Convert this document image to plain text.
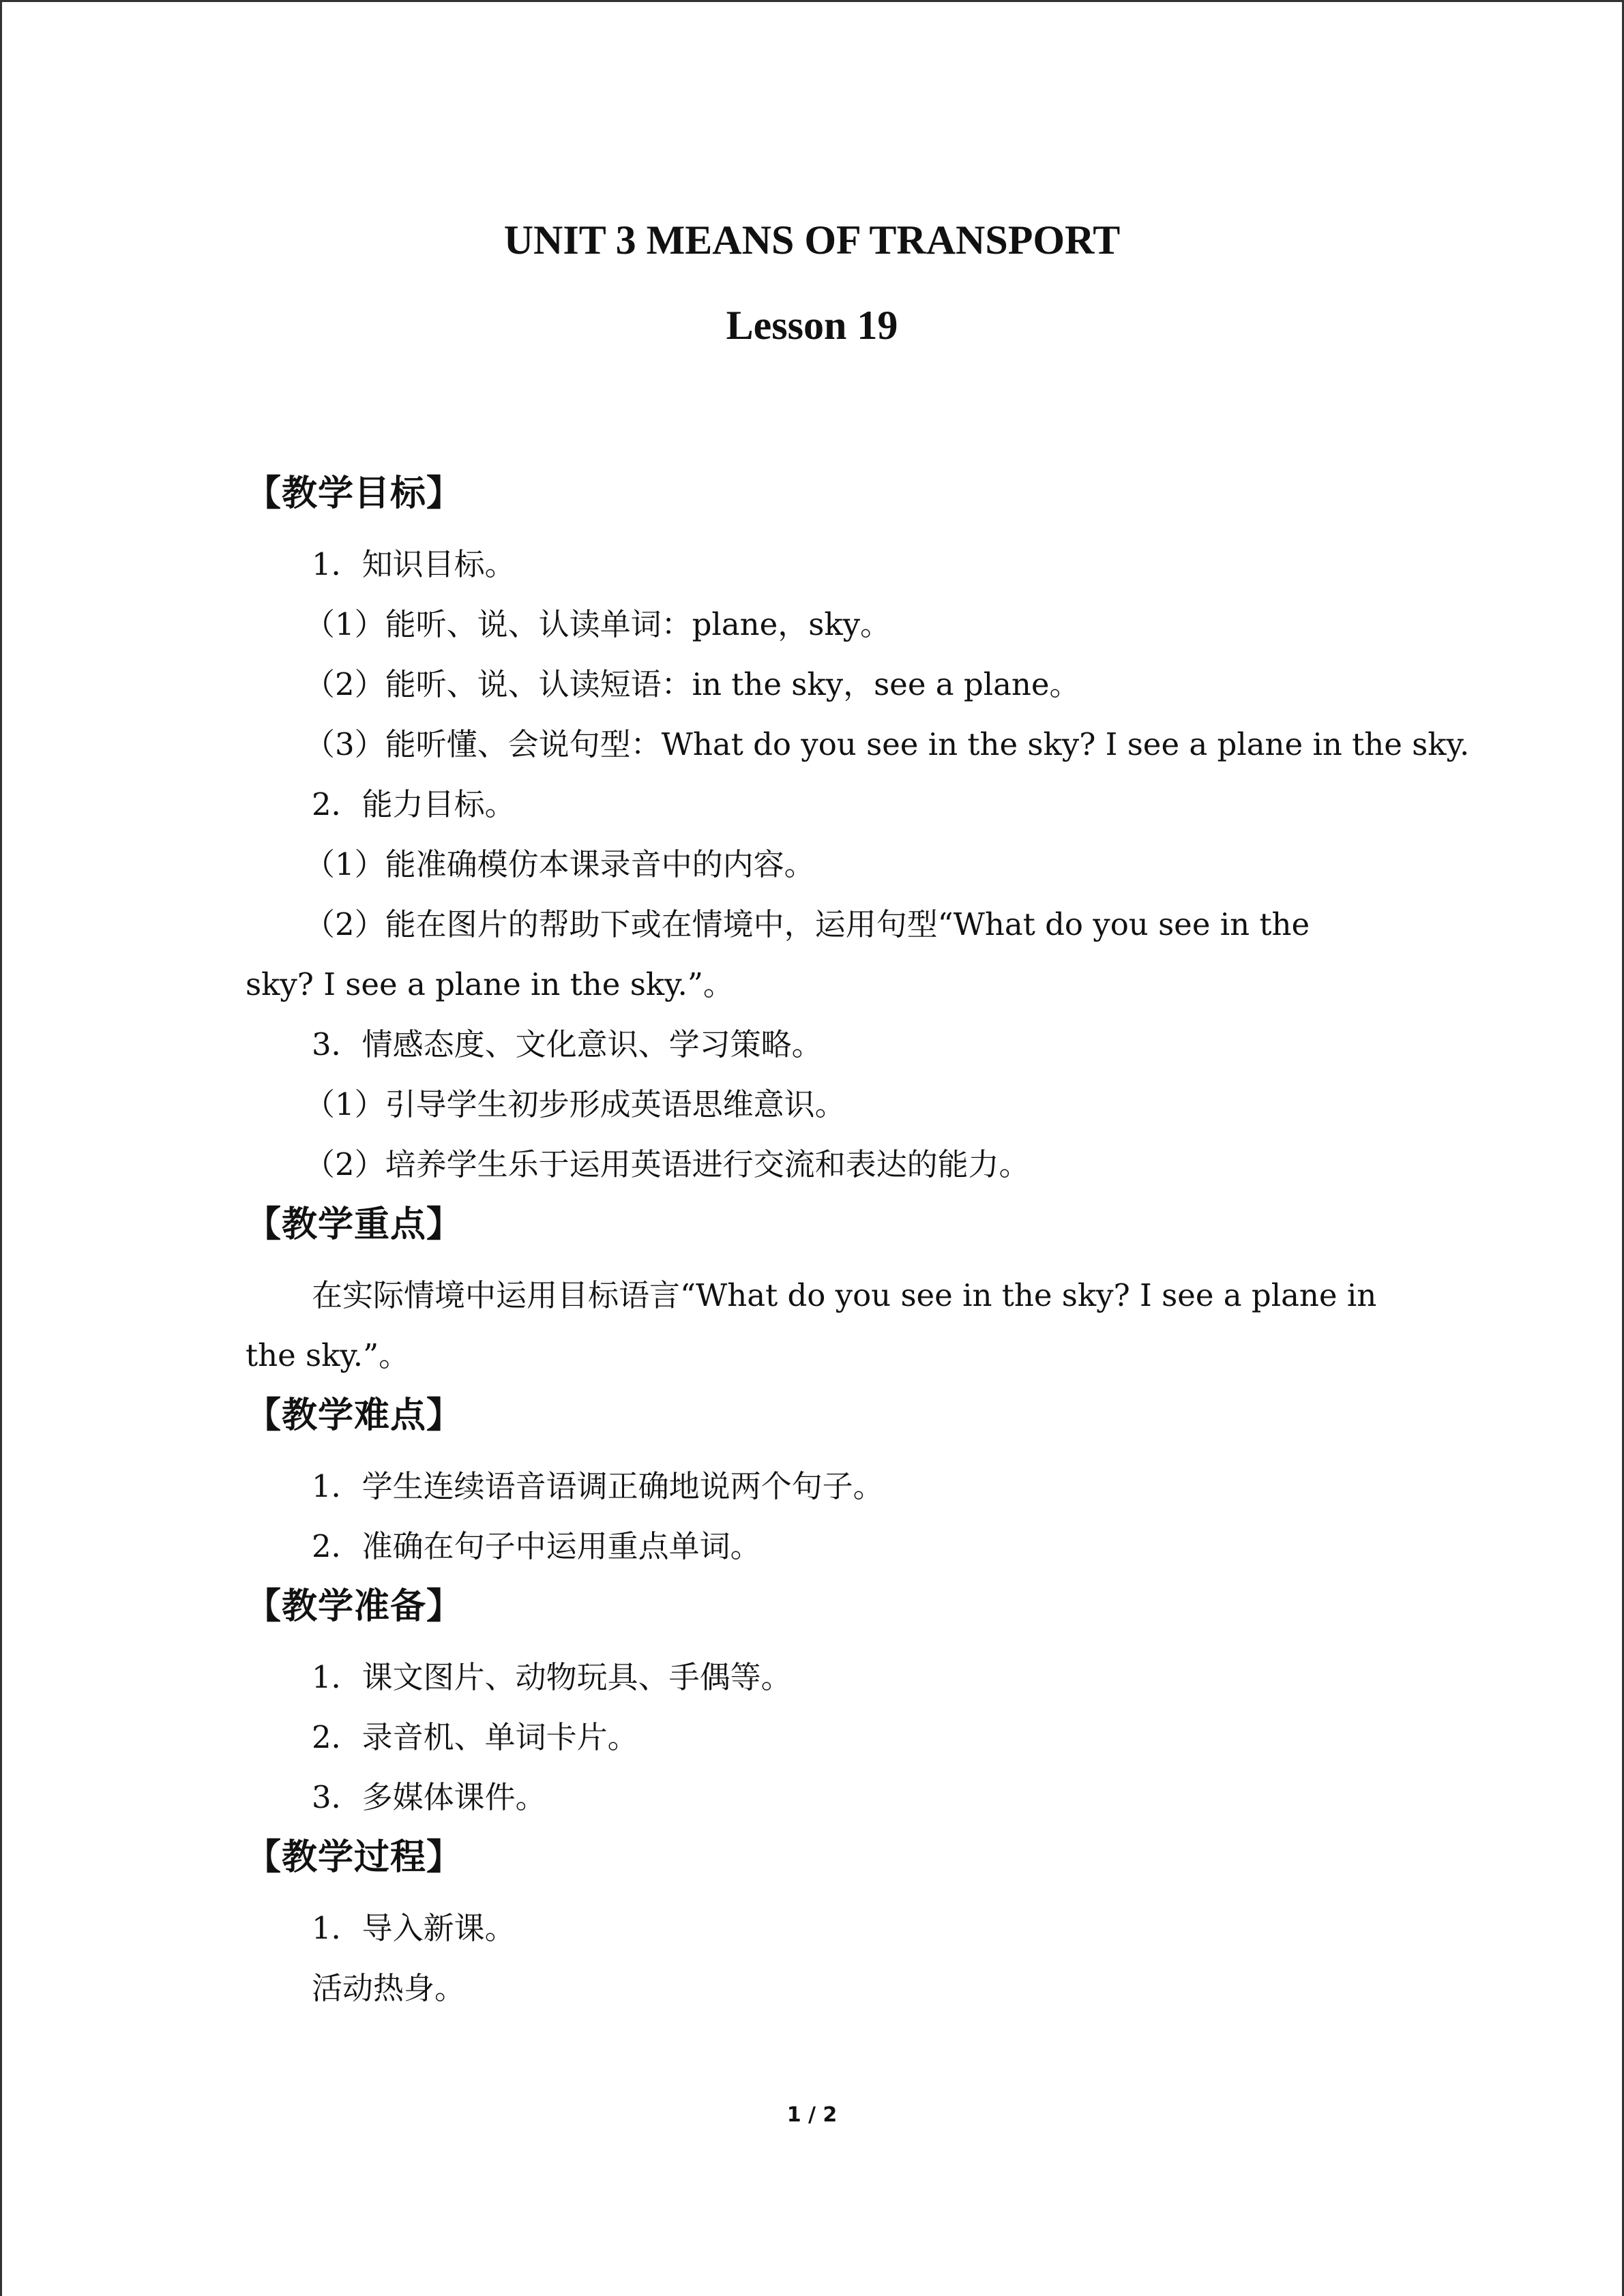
UNIT 3 MEANS OF TRANSPORT
Lesson 19

【教学目标】

1．知识目标。

（1）能听、说、认读单词：plane，sky。

（2）能听、说、认读短语：in the sky，see a plane。

（3）能听懂、会说句型：What do you see in the sky? I see a plane in the sky.

2．能力目标。

（1）能准确模仿本课录音中的内容。

（2）能在图片的帮助下或在情境中，运用句型“What do you see in the sky? I see a plane in the sky.”。

3．情感态度、文化意识、学习策略。

（1）引导学生初步形成英语思维意识。

（2）培养学生乐于运用英语进行交流和表达的能力。

【教学重点】

在实际情境中运用目标语言“What do you see in the sky? I see a plane in the sky.”。

【教学难点】

1．学生连续语音语调正确地说两个句子。

2．准确在句子中运用重点单词。

【教学准备】

1．课文图片、动物玩具、手偶等。

2．录音机、单词卡片。

3．多媒体课件。

【教学过程】

1．导入新课。

活动热身。

1 / 2
